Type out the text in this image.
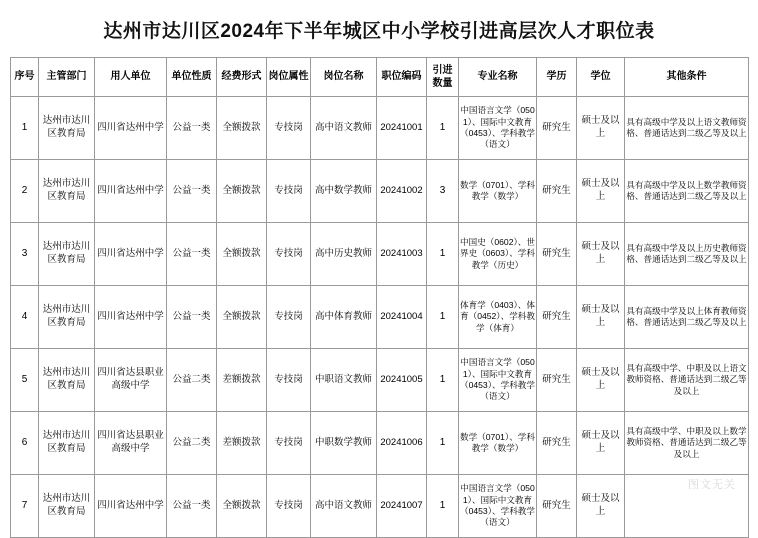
达州市达川区2024年下半年城区中小学校引进高层次人才职位表
序号	主管部门	用人单位	单位性质	经费形式	岗位属性	岗位名称	职位编码	引进数量	专业名称	学历	学位	其他条件
1	达州市达川区教育局	四川省达州中学	公益一类	全额拨款	专技岗	高中语文教师	20241001	1	中国语言文学（0501）、国际中文教育（0453）、学科教学（语文）	研究生	硕士及以上	具有高级中学及以上语文教师资格、普通话达到二级乙等及以上
2	达州市达川区教育局	四川省达州中学	公益一类	全额拨款	专技岗	高中数学教师	20241002	3	数学（0701）、学科教学（数学）	研究生	硕士及以上	具有高级中学及以上数学教师资格、普通话达到二级乙等及以上
3	达州市达川区教育局	四川省达州中学	公益一类	全额拨款	专技岗	高中历史教师	20241003	1	中国史（0602）、世界史（0603）、学科教学（历史）	研究生	硕士及以上	具有高级中学及以上历史教师资格、普通话达到二级乙等及以上
4	达州市达川区教育局	四川省达州中学	公益一类	全额拨款	专技岗	高中体育教师	20241004	1	体育学（0403）、体育（0452）、学科教学（体育）	研究生	硕士及以上	具有高级中学及以上体育教师资格、普通话达到二级乙等及以上
5	达州市达川区教育局	四川省达县职业高级中学	公益二类	差额拨款	专技岗	中职语文教师	20241005	1	中国语言文学（0501）、国际中文教育（0453）、学科教学（语文）	研究生	硕士及以上	具有高级中学、中职及以上语文教师资格、普通话达到二级乙等及以上
6	达州市达川区教育局	四川省达县职业高级中学	公益二类	差额拨款	专技岗	中职数学教师	20241006	1	数学（0701）、学科教学（数学）	研究生	硕士及以上	具有高级中学、中职及以上数学教师资格、普通话达到二级乙等及以上
7	达州市达川区教育局	四川省达州中学	公益一类	全额拨款	专技岗	高中语文教师	20241007	1	中国语言文学（0501）、国际中文教育（0453）、学科教学（语文）	研究生	硕士及以上	
图文无关
